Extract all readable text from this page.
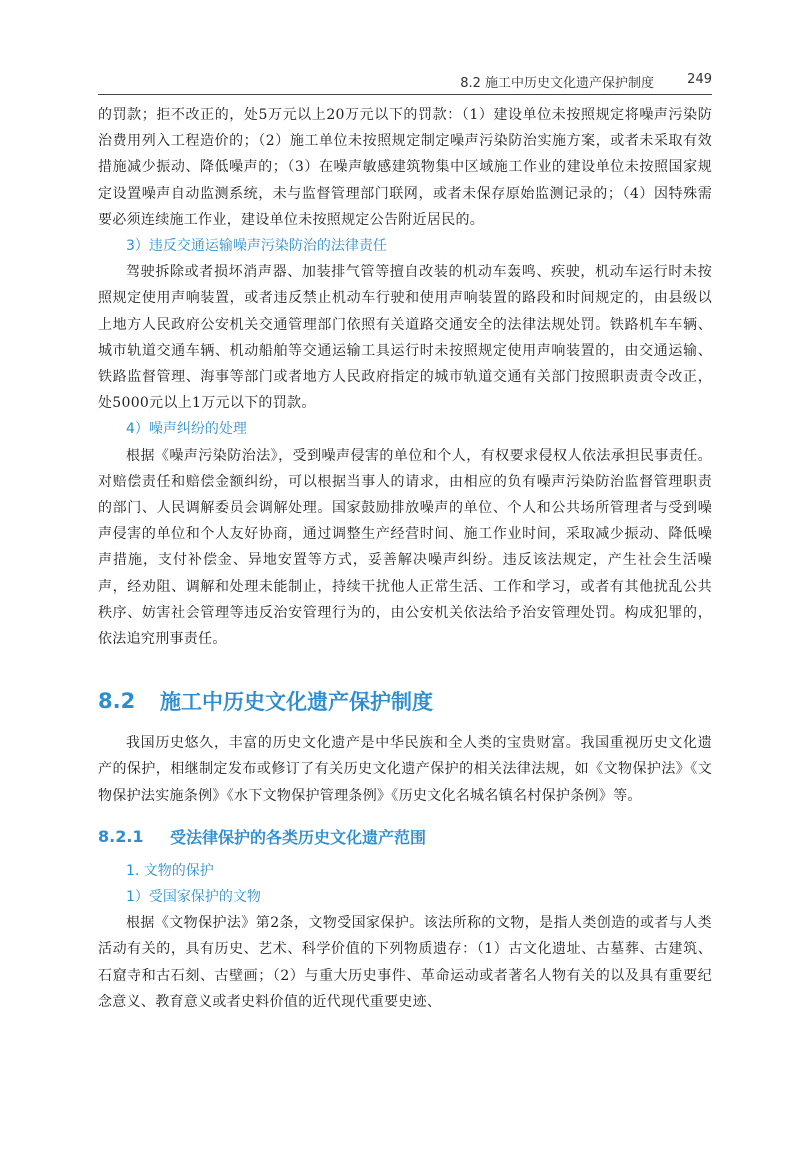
8.2 施工中历史文化遗产保护制度	249

的罚款；拒不改正的，处5万元以上20万元以下的罚款：（1）建设单位未按照规定将噪声污染防治费用列入工程造价的；（2）施工单位未按照规定制定噪声污染防治实施方案，或者未采取有效措施减少振动、降低噪声的；（3）在噪声敏感建筑物集中区域施工作业的建设单位未按照国家规定设置噪声自动监测系统，未与监督管理部门联网，或者未保存原始监测记录的；（4）因特殊需要必须连续施工作业，建设单位未按照规定公告附近居民的。

3）违反交通运输噪声污染防治的法律责任

驾驶拆除或者损坏消声器、加装排气管等擅自改装的机动车轰鸣、疾驶，机动车运行时未按照规定使用声响装置，或者违反禁止机动车行驶和使用声响装置的路段和时间规定的，由县级以上地方人民政府公安机关交通管理部门依照有关道路交通安全的法律法规处罚。铁路机车车辆、城市轨道交通车辆、机动船舶等交通运输工具运行时未按照规定使用声响装置的，由交通运输、铁路监督管理、海事等部门或者地方人民政府指定的城市轨道交通有关部门按照职责责令改正，处5000元以上1万元以下的罚款。

4）噪声纠纷的处理

根据《噪声污染防治法》，受到噪声侵害的单位和个人，有权要求侵权人依法承担民事责任。对赔偿责任和赔偿金额纠纷，可以根据当事人的请求，由相应的负有噪声污染防治监督管理职责的部门、人民调解委员会调解处理。国家鼓励排放噪声的单位、个人和公共场所管理者与受到噪声侵害的单位和个人友好协商，通过调整生产经营时间、施工作业时间，采取减少振动、降低噪声措施，支付补偿金、异地安置等方式，妥善解决噪声纠纷。违反该法规定，产生社会生活噪声，经劝阻、调解和处理未能制止，持续干扰他人正常生活、工作和学习，或者有其他扰乱公共秩序、妨害社会管理等违反治安管理行为的，由公安机关依法给予治安管理处罚。构成犯罪的，依法追究刑事责任。

8.2	施工中历史文化遗产保护制度

我国历史悠久，丰富的历史文化遗产是中华民族和全人类的宝贵财富。我国重视历史文化遗产的保护，相继制定发布或修订了有关历史文化遗产保护的相关法律法规，如《文物保护法》《文物保护法实施条例》《水下文物保护管理条例》《历史文化名城名镇名村保护条例》等。

8.2.1	受法律保护的各类历史文化遗产范围

1. 文物的保护

1）受国家保护的文物

根据《文物保护法》第2条，文物受国家保护。该法所称的文物，是指人类创造的或者与人类活动有关的，具有历史、艺术、科学价值的下列物质遗存：（1）古文化遗址、古墓葬、古建筑、石窟寺和古石刻、古壁画；（2）与重大历史事件、革命运动或者著名人物有关的以及具有重要纪念意义、教育意义或者史料价值的近代现代重要史迹、
